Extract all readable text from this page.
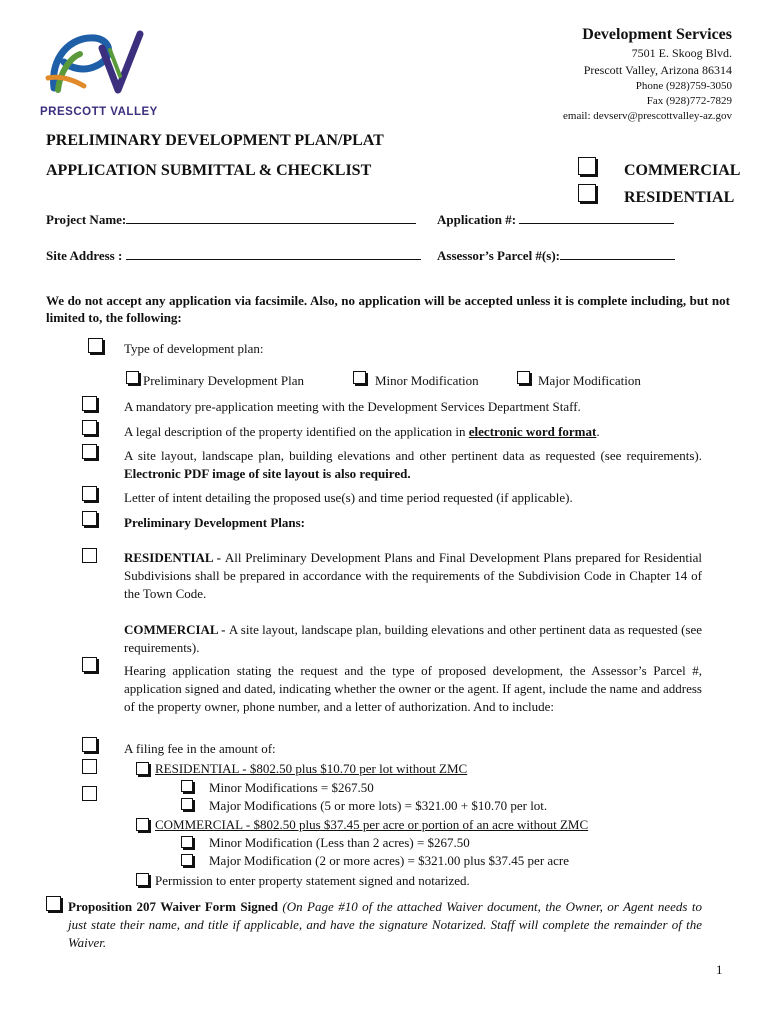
PRESCOTT VALLEY
Development Services
7501 E. Skoog Blvd.
Prescott Valley, Arizona 86314
Phone (928)759-3050
Fax (928)772-7829
email: devserv@prescottvalley-az.gov
PRELIMINARY DEVELOPMENT PLAN/PLAT
APPLICATION SUBMITTAL & CHECKLIST	COMMERCIAL
RESIDENTIAL
Project Name:	Application #:
Site Address :	Assessor’s Parcel #(s):
We do not accept any application via facsimile. Also, no application will be accepted unless it is complete including, but not limited to, the following:
Type of development plan:
Preliminary Development Plan	Minor Modification	Major Modification
A mandatory pre-application meeting with the Development Services Department Staff.
A legal description of the property identified on the application in electronic word format.
A site layout, landscape plan, building elevations and other pertinent data as requested (see requirements). Electronic PDF image of site layout is also required.
Letter of intent detailing the proposed use(s) and time period requested (if applicable).
Preliminary Development Plans:
RESIDENTIAL - All Preliminary Development Plans and Final Development Plans prepared for Residential Subdivisions shall be prepared in accordance with the requirements of the Subdivision Code in Chapter 14 of the Town Code.
COMMERCIAL - A site layout, landscape plan, building elevations and other pertinent data as requested (see requirements).
Hearing application stating the request and the type of proposed development, the Assessor’s Parcel #, application signed and dated, indicating whether the owner or the agent. If agent, include the name and address of the property owner, phone number, and a letter of authorization. And to include:
A filing fee in the amount of:
RESIDENTIAL - $802.50 plus $10.70 per lot without ZMC
Minor Modifications = $267.50
Major Modifications (5 or more lots) = $321.00 + $10.70 per lot.
COMMERCIAL - $802.50 plus $37.45 per acre or portion of an acre without ZMC
Minor Modification (Less than 2 acres) = $267.50
Major Modification (2 or more acres) = $321.00 plus $37.45 per acre
Permission to enter property statement signed and notarized.
Proposition 207 Waiver Form Signed (On Page #10 of the attached Waiver document, the Owner, or Agent needs to just state their name, and title if applicable, and have the signature Notarized. Staff will complete the remainder of the Waiver.
1
